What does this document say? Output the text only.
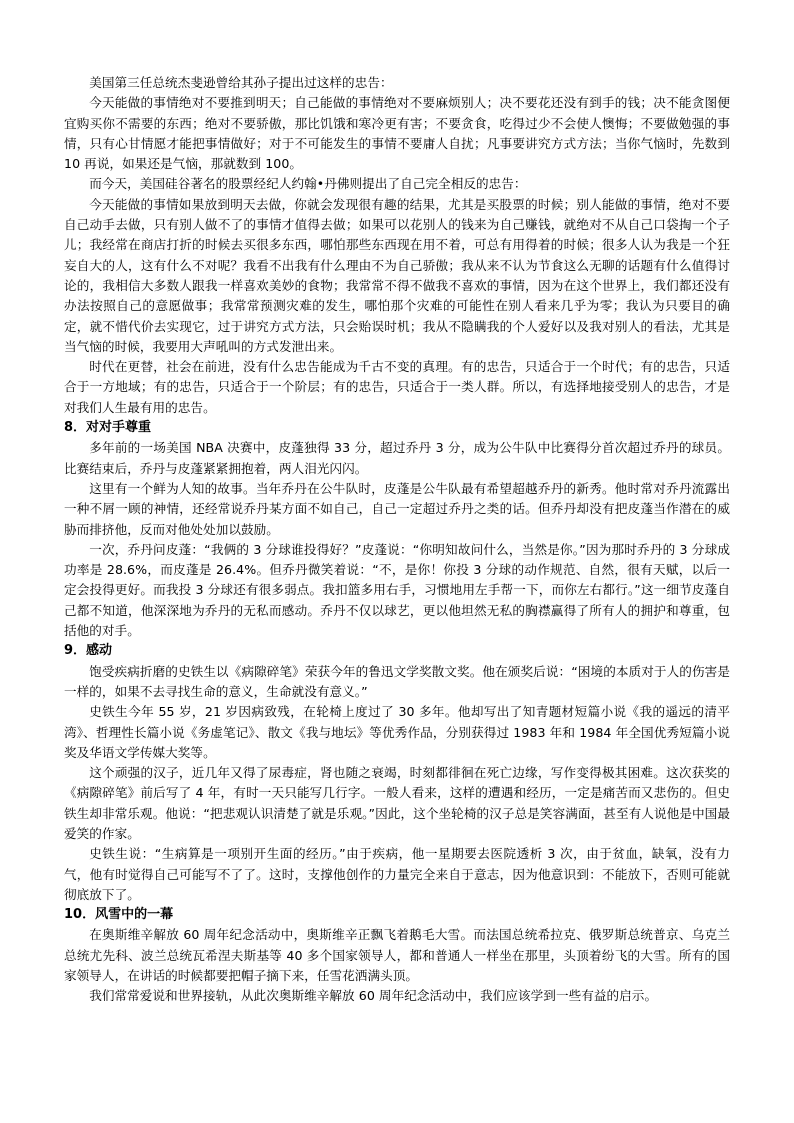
美国第三任总统杰斐逊曾给其孙子提出过这样的忠告：

今天能做的事情绝对不要推到明天；自己能做的事情绝对不要麻烦别人；决不要花还没有到手的钱；决不能贪图便宜购买你不需要的东西；绝对不要骄傲，那比饥饿和寒冷更有害；不要贪食，吃得过少不会使人懊悔；不要做勉强的事情，只有心甘情愿才能把事情做好；对于不可能发生的事情不要庸人自扰；凡事要讲究方式方法；当你气恼时，先数到 10 再说，如果还是气恼，那就数到 100。

而今天，美国硅谷著名的股票经纪人约翰•丹佛则提出了自己完全相反的忠告：

今天能做的事情如果放到明天去做，你就会发现很有趣的结果，尤其是买股票的时候；别人能做的事情，绝对不要自己动手去做，只有别人做不了的事情才值得去做；如果可以花别人的钱来为自己赚钱，就绝对不从自己口袋掏一个子儿；我经常在商店打折的时候去买很多东西，哪怕那些东西现在用不着，可总有用得着的时候；很多人认为我是一个狂妄自大的人，这有什么不对呢？我看不出我有什么理由不为自己骄傲；我从来不认为节食这么无聊的话题有什么值得讨论的，我相信大多数人跟我一样喜欢美妙的食物；我常常不得不做我不喜欢的事情，因为在这个世界上，我们都还没有办法按照自己的意愿做事；我常常预测灾难的发生，哪怕那个灾难的可能性在别人看来几乎为零；我认为只要目的确定，就不惜代价去实现它，过于讲究方式方法，只会贻误时机；我从不隐瞒我的个人爱好以及我对别人的看法，尤其是当气恼的时候，我要用大声吼叫的方式发泄出来。

时代在更替，社会在前进，没有什么忠告能成为千古不变的真理。有的忠告，只适合于一个时代；有的忠告，只适合于一方地域；有的忠告，只适合于一个阶层；有的忠告，只适合于一类人群。所以，有选择地接受别人的忠告，才是对我们人生最有用的忠告。

8．对对手尊重

多年前的一场美国 NBA 决赛中，皮蓬独得 33 分，超过乔丹 3 分，成为公牛队中比赛得分首次超过乔丹的球员。比赛结束后，乔丹与皮蓬紧紧拥抱着，两人泪光闪闪。

这里有一个鲜为人知的故事。当年乔丹在公牛队时，皮蓬是公牛队最有希望超越乔丹的新秀。他时常对乔丹流露出一种不屑一顾的神情，还经常说乔丹某方面不如自己，自己一定超过乔丹之类的话。但乔丹却没有把皮蓬当作潜在的威胁而排挤他，反而对他处处加以鼓励。

一次，乔丹问皮蓬：“我俩的 3 分球谁投得好？”皮蓬说：“你明知故问什么，当然是你。”因为那时乔丹的 3 分球成功率是 28.6%，而皮蓬是 26.4%。但乔丹微笑着说：“不，是你！你投 3 分球的动作规范、自然，很有天赋，以后一定会投得更好。而我投 3 分球还有很多弱点。我扣篮多用右手，习惯地用左手帮一下，而你左右都行。”这一细节皮蓬自己都不知道，他深深地为乔丹的无私而感动。乔丹不仅以球艺，更以他坦然无私的胸襟赢得了所有人的拥护和尊重，包括他的对手。

9．感动

饱受疾病折磨的史铁生以《病隙碎笔》荣获今年的鲁迅文学奖散文奖。他在颁奖后说：“困境的本质对于人的伤害是一样的，如果不去寻找生命的意义，生命就没有意义。”

史铁生今年 55 岁，21 岁因病致残，在轮椅上度过了 30 多年。他却写出了知青题材短篇小说《我的遥远的清平湾》、哲理性长篇小说《务虚笔记》、散文《我与地坛》等优秀作品，分别获得过 1983 年和 1984 年全国优秀短篇小说奖及华语文学传媒大奖等。

这个顽强的汉子，近几年又得了尿毒症，肾也随之衰竭，时刻都徘徊在死亡边缘，写作变得极其困难。这次获奖的《病隙碎笔》前后写了 4 年，有时一天只能写几行字。一般人看来，这样的遭遇和经历，一定是痛苦而又悲伤的。但史铁生却非常乐观。他说：“把悲观认识清楚了就是乐观。”因此，这个坐轮椅的汉子总是笑容满面，甚至有人说他是中国最爱笑的作家。

史铁生说：“生病算是一项别开生面的经历。”由于疾病，他一星期要去医院透析 3 次，由于贫血，缺氧，没有力气，他有时觉得自己可能写不了了。这时，支撑他创作的力量完全来自于意志，因为他意识到：不能放下，否则可能就彻底放下了。

10．风雪中的一幕

在奥斯维辛解放 60 周年纪念活动中，奥斯维辛正飘飞着鹅毛大雪。而法国总统希拉克、俄罗斯总统普京、乌克兰总统尤先科、波兰总统瓦希涅夫斯基等 40 多个国家领导人，都和普通人一样坐在那里，头顶着纷飞的大雪。所有的国家领导人，在讲话的时候都要把帽子摘下来，任雪花洒满头顶。

我们常常爱说和世界接轨，从此次奥斯维辛解放 60 周年纪念活动中，我们应该学到一些有益的启示。
